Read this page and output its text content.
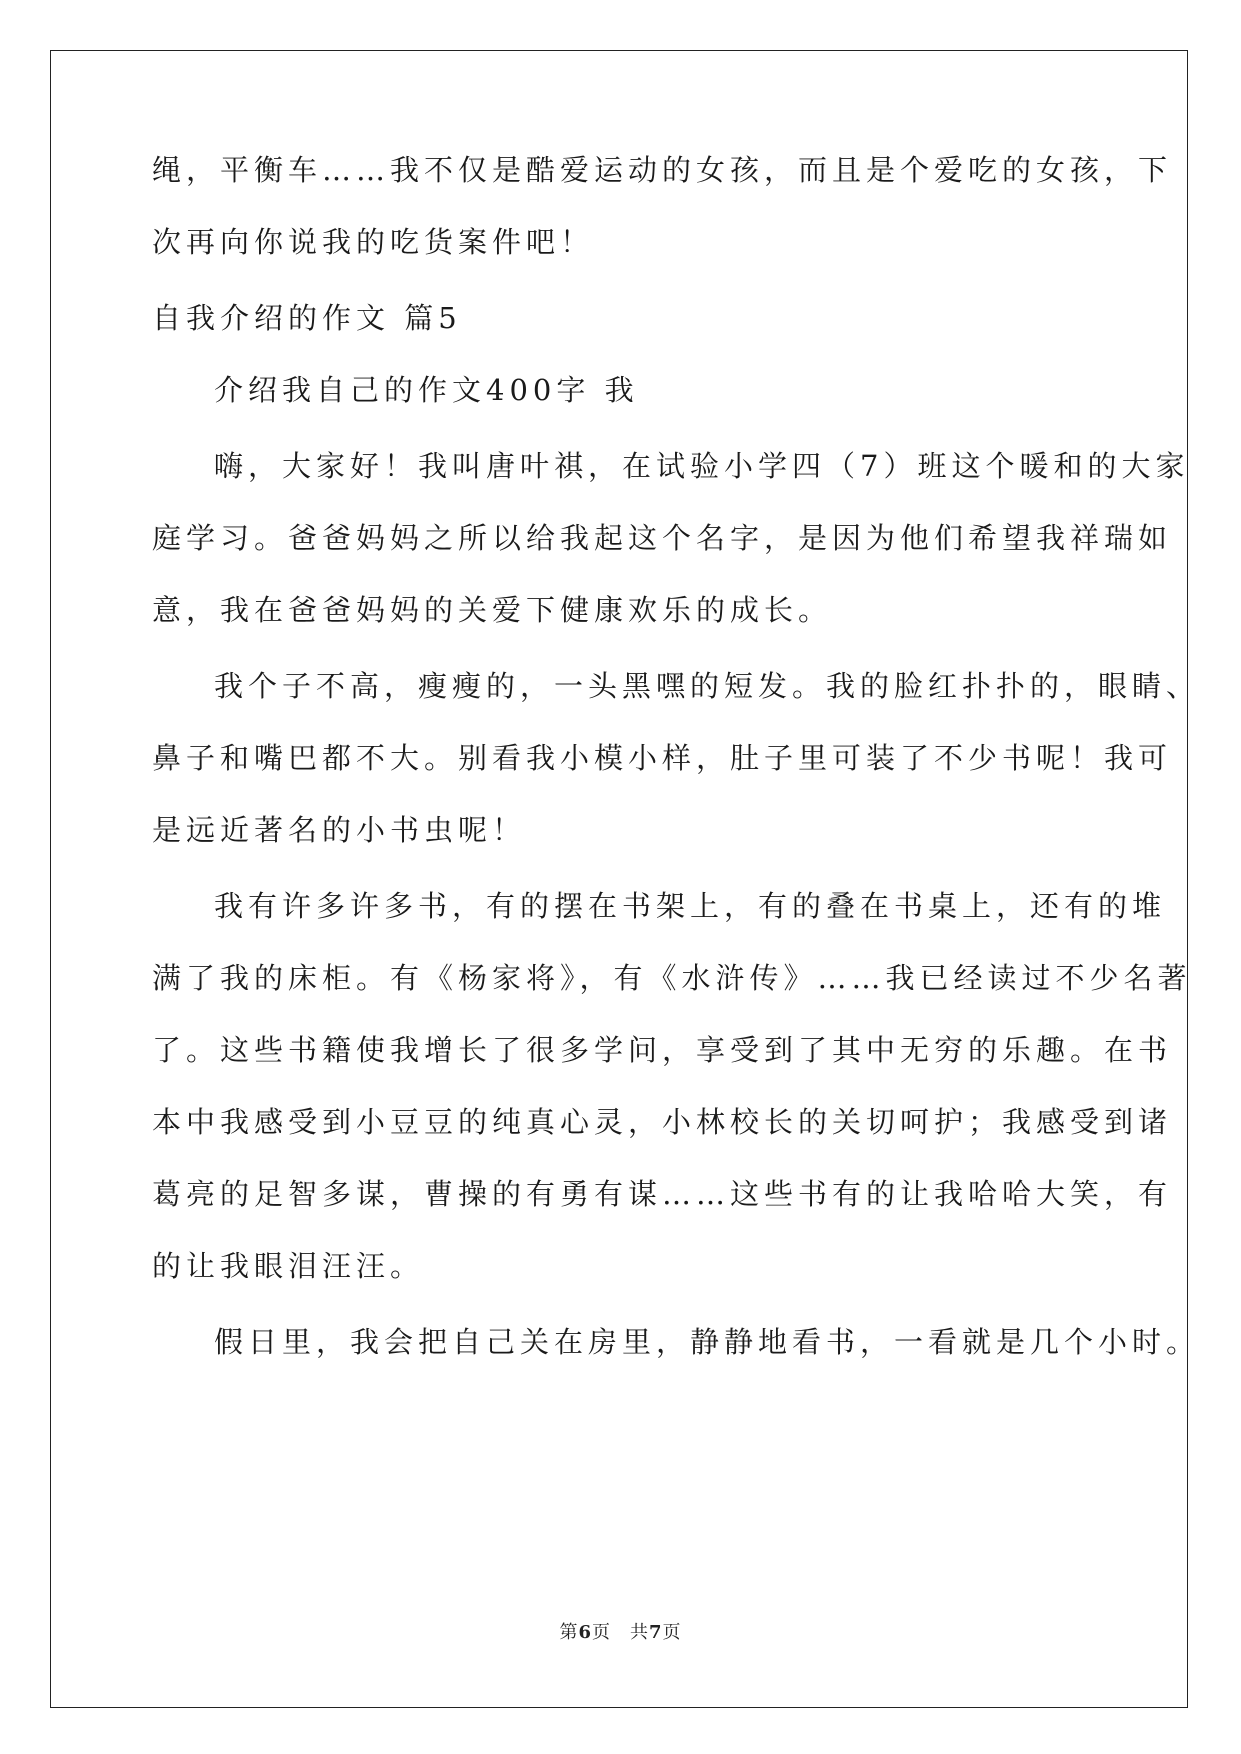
绳，平衡车……我不仅是酷爱运动的女孩，而且是个爱吃的女孩，下
次再向你说我的吃货案件吧！
自我介绍的作文 篇5
介绍我自己的作文400字 我
嗨，大家好！我叫唐叶祺，在试验小学四（7）班这个暖和的大家
庭学习。爸爸妈妈之所以给我起这个名字，是因为他们希望我祥瑞如
意，我在爸爸妈妈的关爱下健康欢乐的成长。
我个子不高，瘦瘦的，一头黑嘿的短发。我的脸红扑扑的，眼睛、
鼻子和嘴巴都不大。别看我小模小样，肚子里可装了不少书呢！我可
是远近著名的小书虫呢！
我有许多许多书，有的摆在书架上，有的叠在书桌上，还有的堆
满了我的床柜。有《杨家将》，有《水浒传》……我已经读过不少名著
了。这些书籍使我增长了很多学问，享受到了其中无穷的乐趣。在书
本中我感受到小豆豆的纯真心灵，小林校长的关切呵护；我感受到诸
葛亮的足智多谋，曹操的有勇有谋……这些书有的让我哈哈大笑，有
的让我眼泪汪汪。
假日里，我会把自己关在房里，静静地看书，一看就是几个小时。
第6页　共7页
